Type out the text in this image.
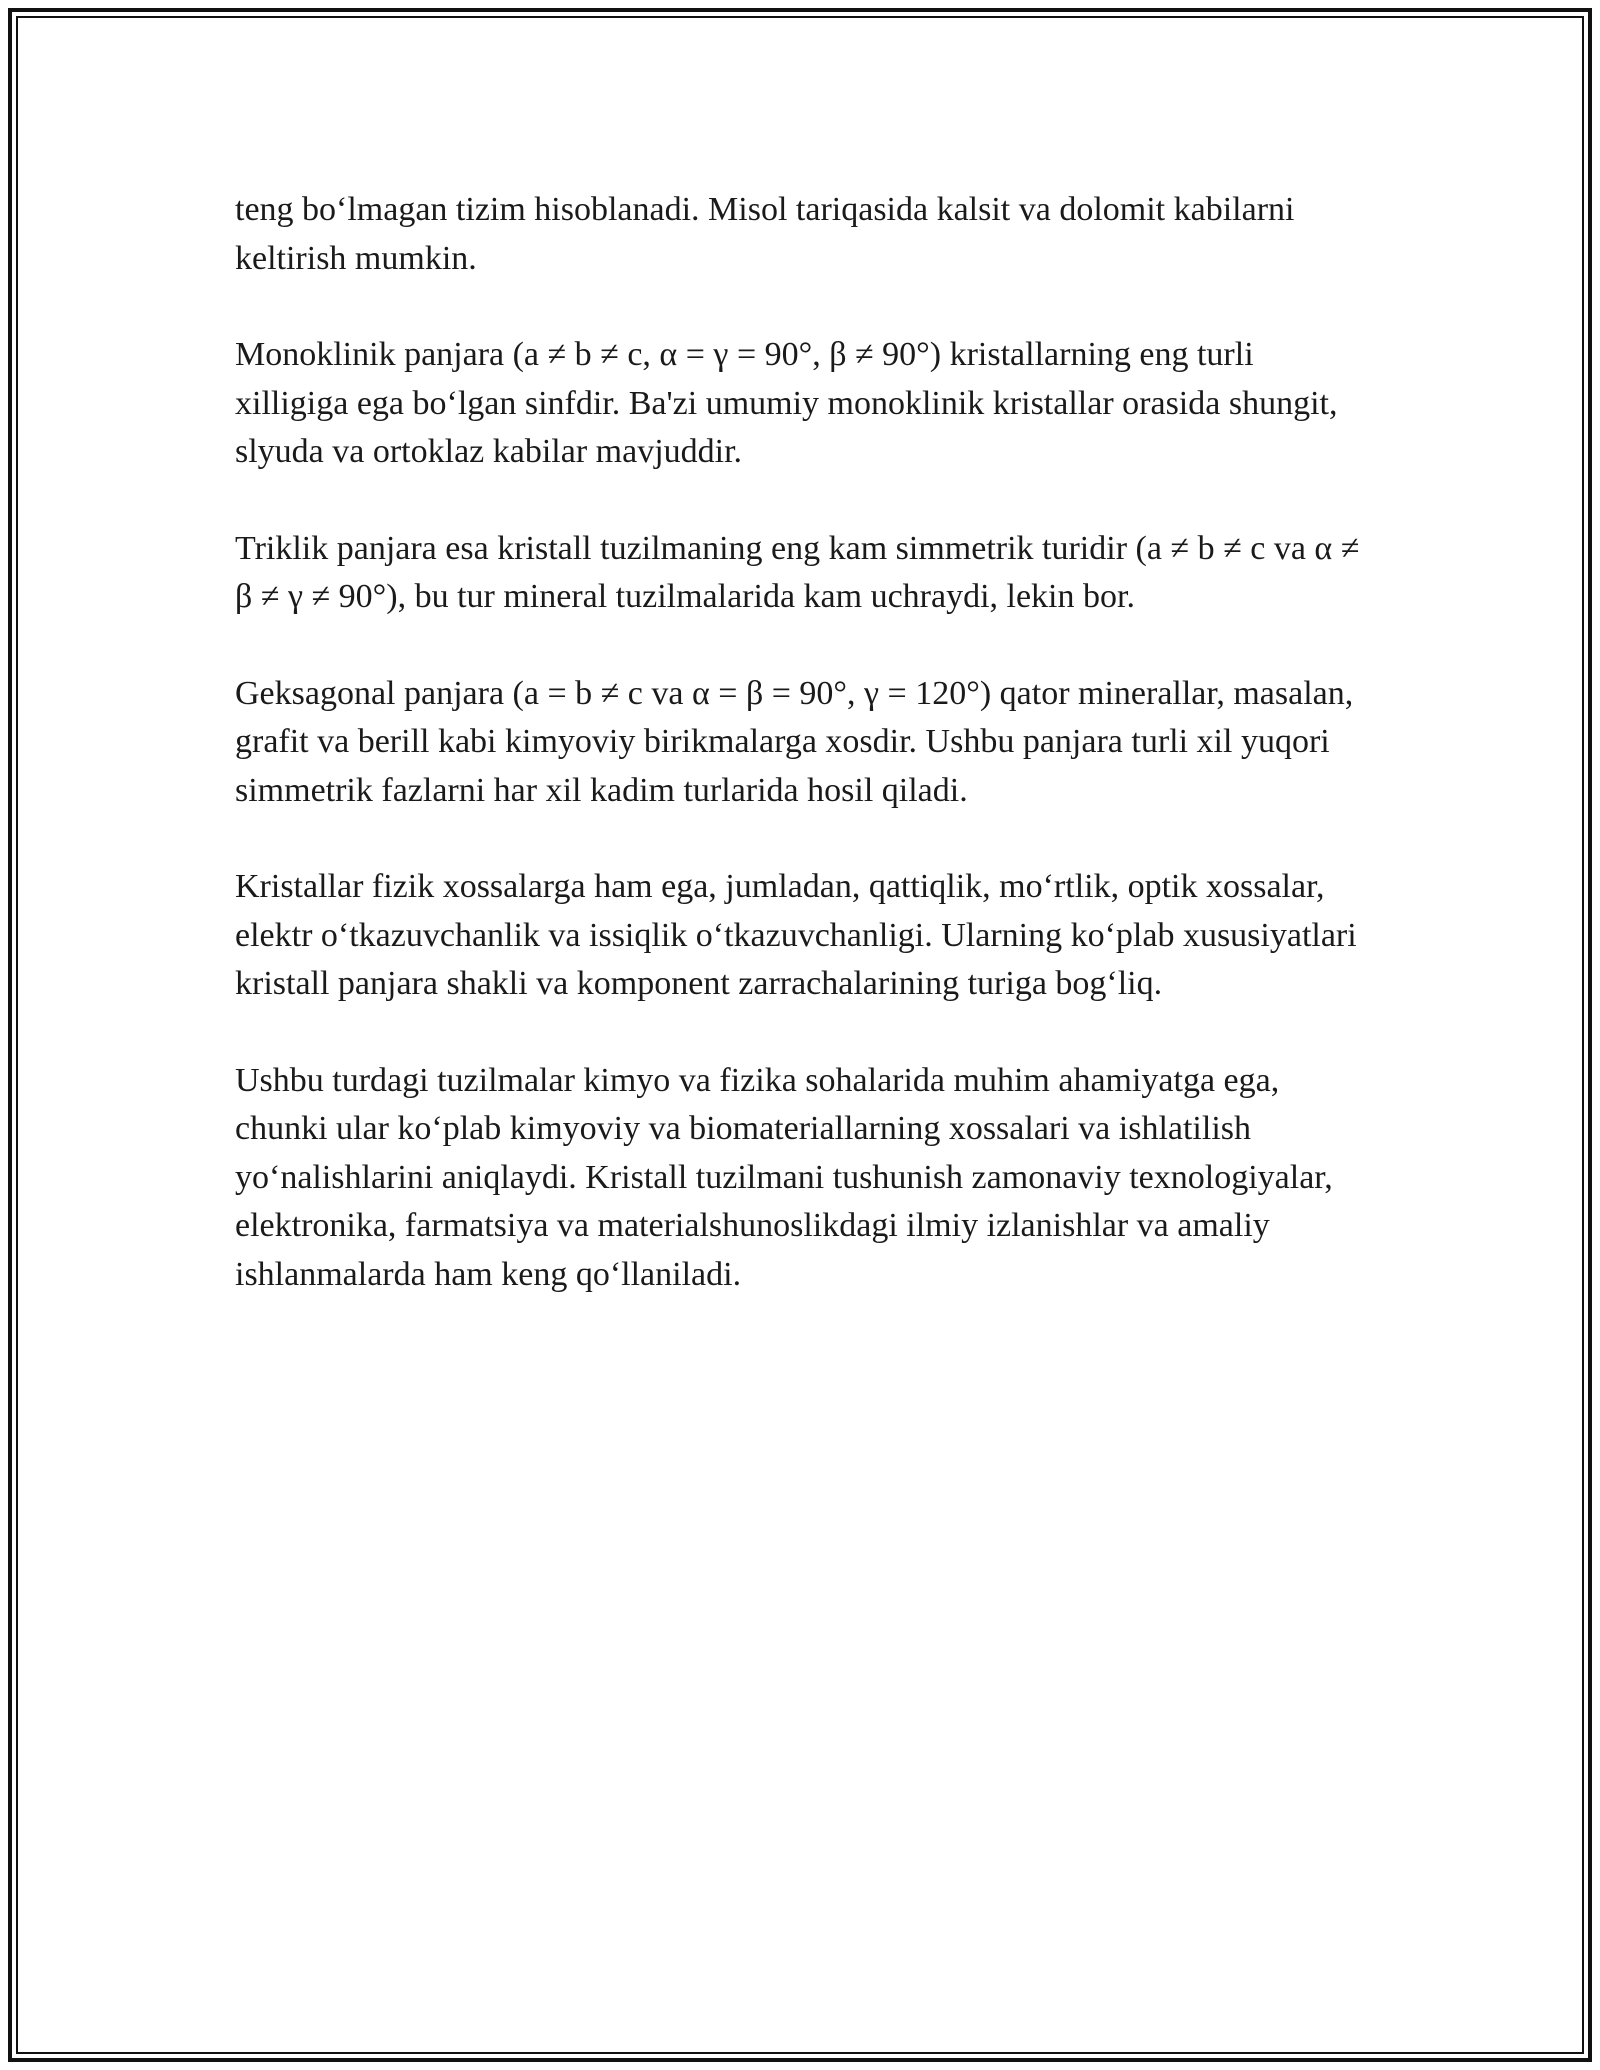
teng bo‘lmagan tizim hisoblanadi. Misol tariqasida kalsit va dolomit kabilarni keltirish mumkin.

Monoklinik panjara (a ≠ b ≠ c, α = γ = 90°, β ≠ 90°) kristallarning eng turli xilligiga ega bo‘lgan sinfdir. Ba'zi umumiy monoklinik kristallar orasida shungit, slyuda va ortoklaz kabilar mavjuddir.

Triklik panjara esa kristall tuzilmaning eng kam simmetrik turidir (a ≠ b ≠ c va α ≠ β ≠ γ ≠ 90°), bu tur mineral tuzilmalarida kam uchraydi, lekin bor.

Geksagonal panjara (a = b ≠ c va α = β = 90°, γ = 120°) qator minerallar, masalan, grafit va berill kabi kimyoviy birikmalarga xosdir. Ushbu panjara turli xil yuqori simmetrik fazlarni har xil kadim turlarida hosil qiladi.

Kristallar fizik xossalarga ham ega, jumladan, qattiqlik, mo‘rtlik, optik xossalar, elektr o‘tkazuvchanlik va issiqlik o‘tkazuvchanligi. Ularning ko‘plab xususiyatlari kristall panjara shakli va komponent zarrachalarining turiga bog‘liq.

Ushbu turdagi tuzilmalar kimyo va fizika sohalarida muhim ahamiyatga ega, chunki ular ko‘plab kimyoviy va biomateriallarning xossalari va ishlatilish yo‘nalishlarini aniqlaydi. Kristall tuzilmani tushunish zamonaviy texnologiyalar, elektronika, farmatsiya va materialshunoslikdagi ilmiy izlanishlar va amaliy ishlanmalarda ham keng qo‘llaniladi.
